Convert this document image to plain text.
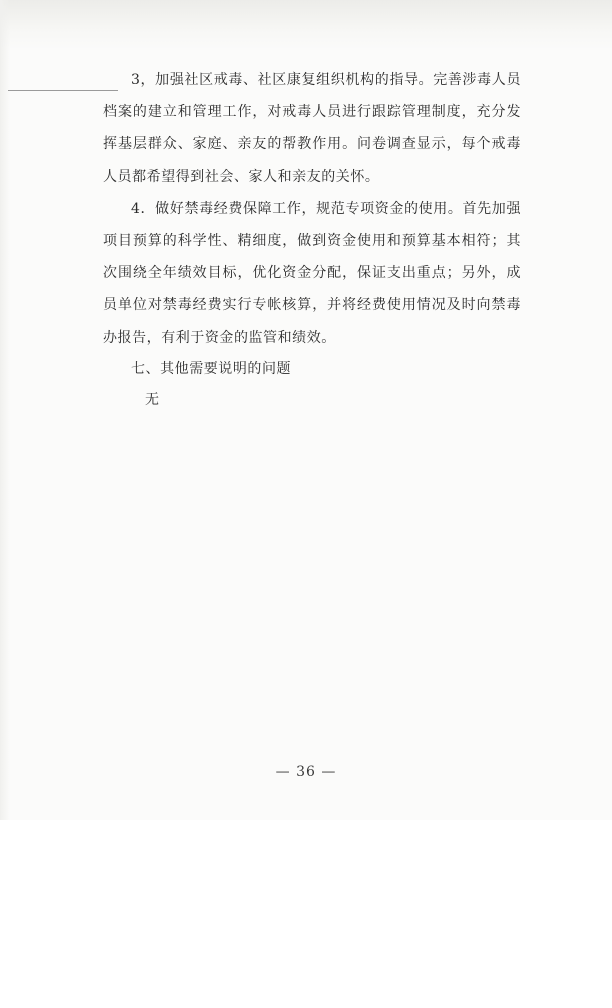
3，加强社区戒毒、社区康复组织机构的指导。完善涉毒人员档案的建立和管理工作，对戒毒人员进行跟踪管理制度，充分发挥基层群众、家庭、亲友的帮教作用。问卷调查显示，每个戒毒人员都希望得到社会、家人和亲友的关怀。

4．做好禁毒经费保障工作，规范专项资金的使用。首先加强项目预算的科学性、精细度，做到资金使用和预算基本相符；其次围绕全年绩效目标，优化资金分配，保证支出重点；另外，成员单位对禁毒经费实行专帐核算，并将经费使用情况及时向禁毒办报告，有利于资金的监管和绩效。

七、其他需要说明的问题

无

— 36 —
